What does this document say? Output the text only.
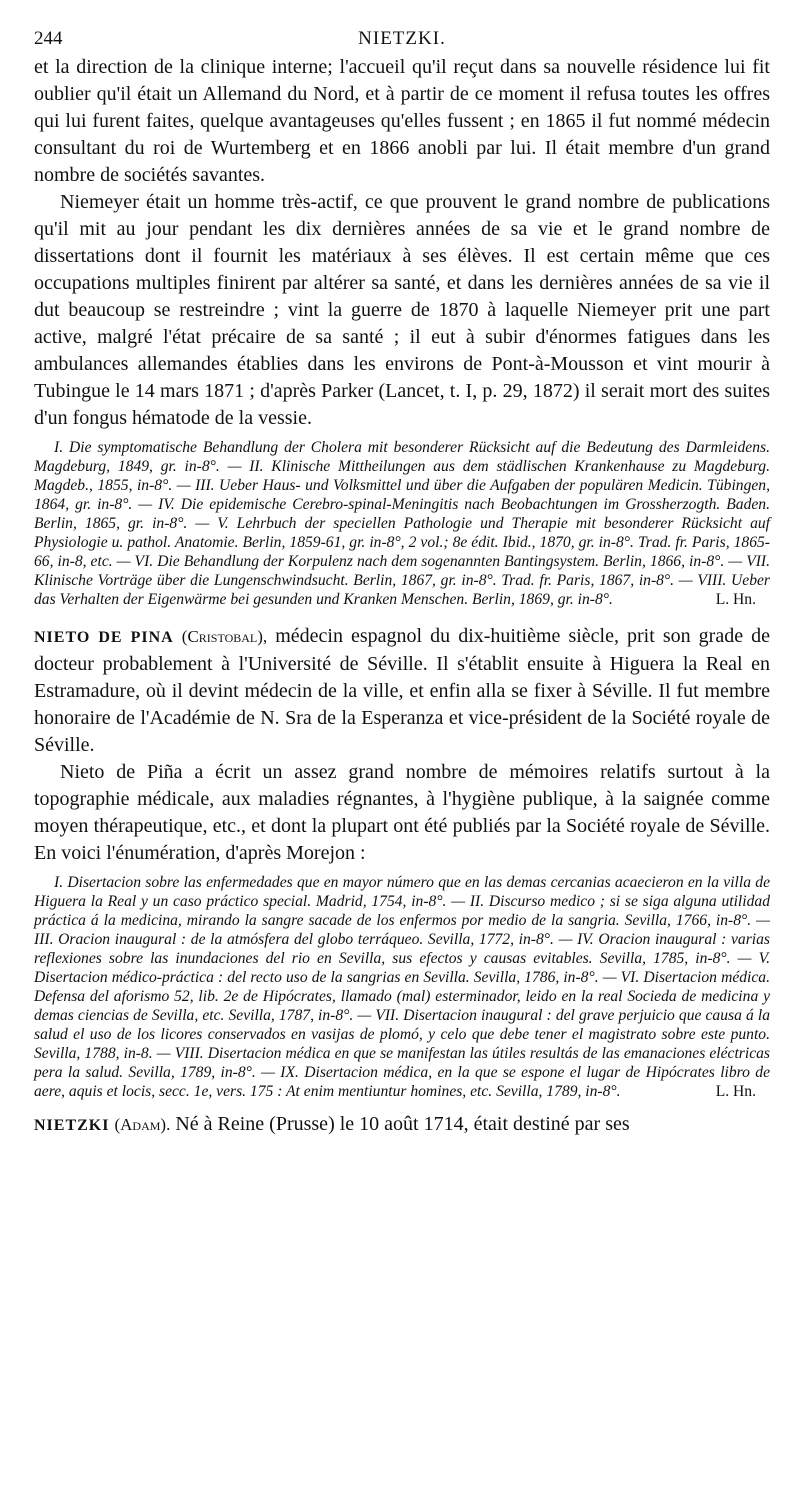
244	NIETZKI.

et la direction de la clinique interne; l'accueil qu'il reçut dans sa nouvelle résidence lui fit oublier qu'il était un Allemand du Nord, et à partir de ce moment il refusa toutes les offres qui lui furent faites, quelque avantageuses qu'elles fussent ; en 1865 il fut nommé médecin consultant du roi de Wurtemberg et en 1866 anobli par lui. Il était membre d'un grand nombre de sociétés savantes.

Niemeyer était un homme très-actif, ce que prouvent le grand nombre de publications qu'il mit au jour pendant les dix dernières années de sa vie et le grand nombre de dissertations dont il fournit les matériaux à ses élèves. Il est certain même que ces occupations multiples finirent par altérer sa santé, et dans les dernières années de sa vie il dut beaucoup se restreindre ; vint la guerre de 1870 à laquelle Niemeyer prit une part active, malgré l'état précaire de sa santé ; il eut à subir d'énormes fatigues dans les ambulances allemandes établies dans les environs de Pont-à-Mousson et vint mourir à Tubingue le 14 mars 1871 ; d'après Parker (Lancet, t. I, p. 29, 1872) il serait mort des suites d'un fongus hématode de la vessie.

I. Die symptomatische Behandlung der Cholera mit besonderer Rücksicht auf die Bedeutung des Darmleidens. Magdeburg, 1849, gr. in-8°. — II. Klinische Mittheilungen aus dem städlischen Krankenhause zu Magdeburg. Magdeb., 1855, in-8°. — III. Ueber Haus- und Volksmittel und über die Aufgaben der populären Medicin. Tübingen, 1864, gr. in-8°. — IV. Die epidemische Cerebro-spinal-Meningitis nach Beobachtungen im Grossherzogth. Baden. Berlin, 1865, gr. in-8°. — V. Lehrbuch der speciellen Pathologie und Therapie mit besonderer Rücksicht auf Physiologie u. pathol. Anatomie. Berlin, 1859-61, gr. in-8°, 2 vol.; 8e édit. Ibid., 1870, gr. in-8°. Trad. fr. Paris, 1865-66, in-8, etc. — VI. Die Behandlung der Korpulenz nach dem sogenannten Bantingsystem. Berlin, 1866, in-8°. — VII. Klinische Vorträge über die Lungenschwindsucht. Berlin, 1867, gr. in-8°. Trad. fr. Paris, 1867, in-8°. — VIII. Ueber das Verhalten der Eigenwärme bei gesunden und Kranken Menschen. Berlin, 1869, gr. in-8°.	L. Hn.

NIETO DE PINA (Cristobal), médecin espagnol du dix-huitième siècle, prit son grade de docteur probablement à l'Université de Séville. Il s'établit ensuite à Higuera la Real en Estramadure, où il devint médecin de la ville, et enfin alla se fixer à Séville. Il fut membre honoraire de l'Académie de N. Sra de la Esperanza et vice-président de la Société royale de Séville.

Nieto de Piña a écrit un assez grand nombre de mémoires relatifs surtout à la topographie médicale, aux maladies régnantes, à l'hygiène publique, à la saignée comme moyen thérapeutique, etc., et dont la plupart ont été publiés par la Société royale de Séville. En voici l'énumération, d'après Morejon :

I. Disertacion sobre las enfermedades que en mayor número que en las demas cercanias acaecieron en la villa de Higuera la Real y un caso práctico special. Madrid, 1754, in-8°. — II. Discurso medico ; si se siga alguna utilidad práctica á la medicina, mirando la sangre sacade de los enfermos por medio de la sangria. Sevilla, 1766, in-8°. — III. Oracion inaugural : de la atmósfera del globo terráqueo. Sevilla, 1772, in-8°. — IV. Oracion inaugural : varias reflexiones sobre las inundaciones del rio en Sevilla, sus efectos y causas evitables. Sevilla, 1785, in-8°. — V. Disertacion médico-práctica : del recto uso de la sangrias en Sevilla. Sevilla, 1786, in-8°. — VI. Disertacion médica. Defensa del aforismo 52, lib. 2e de Hipócrates, llamado (mal) esterminador, leido en la real Socieda de medicina y demas ciencias de Sevilla, etc. Sevilla, 1787, in-8°. — VII. Disertacion inaugural : del grave perjuicio que causa á la salud el uso de los licores conservados en vasijas de plomó, y celo que debe tener el magistrato sobre este punto. Sevilla, 1788, in-8. — VIII. Disertacion médica en que se manifestan las útiles resultás de las emanaciones eléctricas pera la salud. Sevilla, 1789, in-8°. — IX. Disertacion médica, en la que se espone el lugar de Hipócrates libro de aere, aquis et locis, secc. 1e, vers. 175 : At enim mentiuntur homines, etc. Sevilla, 1789, in-8°.	L. Hn.

NIETZKI (Adam). Né à Reine (Prusse) le 10 août 1714, était destiné par ses
